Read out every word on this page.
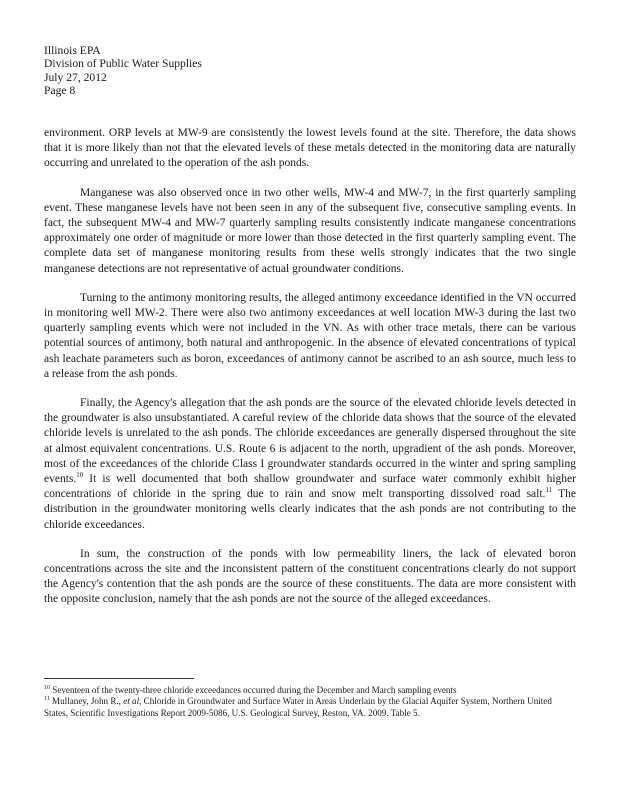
Illinois EPA
Division of Public Water Supplies
July 27, 2012
Page 8

environment. ORP levels at MW-9 are consistently the lowest levels found at the site. Therefore, the data shows that it is more likely than not that the elevated levels of these metals detected in the monitoring data are naturally occurring and unrelated to the operation of the ash ponds.

Manganese was also observed once in two other wells, MW-4 and MW-7, in the first quarterly sampling event. These manganese levels have not been seen in any of the subsequent five, consecutive sampling events. In fact, the subsequent MW-4 and MW-7 quarterly sampling results consistently indicate manganese concentrations approximately one order of magnitude or more lower than those detected in the first quarterly sampling event. The complete data set of manganese monitoring results from these wells strongly indicates that the two single manganese detections are not representative of actual groundwater conditions.

Turning to the antimony monitoring results, the alleged antimony exceedance identified in the VN occurred in monitoring well MW-2. There were also two antimony exceedances at well location MW-3 during the last two quarterly sampling events which were not included in the VN. As with other trace metals, there can be various potential sources of antimony, both natural and anthropogenic. In the absence of elevated concentrations of typical ash leachate parameters such as boron, exceedances of antimony cannot be ascribed to an ash source, much less to a release from the ash ponds.

Finally, the Agency's allegation that the ash ponds are the source of the elevated chloride levels detected in the groundwater is also unsubstantiated. A careful review of the chloride data shows that the source of the elevated chloride levels is unrelated to the ash ponds. The chloride exceedances are generally dispersed throughout the site at almost equivalent concentrations. U.S. Route 6 is adjacent to the north, upgradient of the ash ponds. Moreover, most of the exceedances of the chloride Class I groundwater standards occurred in the winter and spring sampling events.$^{10}$ It is well documented that both shallow groundwater and surface water commonly exhibit higher concentrations of chloride in the spring due to rain and snow melt transporting dissolved road salt.$^{11}$ The distribution in the groundwater monitoring wells clearly indicates that the ash ponds are not contributing to the chloride exceedances.

In sum, the construction of the ponds with low permeability liners, the lack of elevated boron concentrations across the site and the inconsistent pattern of the constituent concentrations clearly do not support the Agency's contention that the ash ponds are the source of these constituents. The data are more consistent with the opposite conclusion, namely that the ash ponds are not the source of the alleged exceedances.

$^{10}$ Seventeen of the twenty-three chloride exceedances occurred during the December and March sampling events

$^{11}$ Mullaney, John R., et al, Chloride in Groundwater and Surface Water in Areas Underlain by the Glacial Aquifer System, Northern United States, Scientific Investigations Report 2009-5086, U.S. Geological Survey, Reston, VA. 2009. Table 5.
